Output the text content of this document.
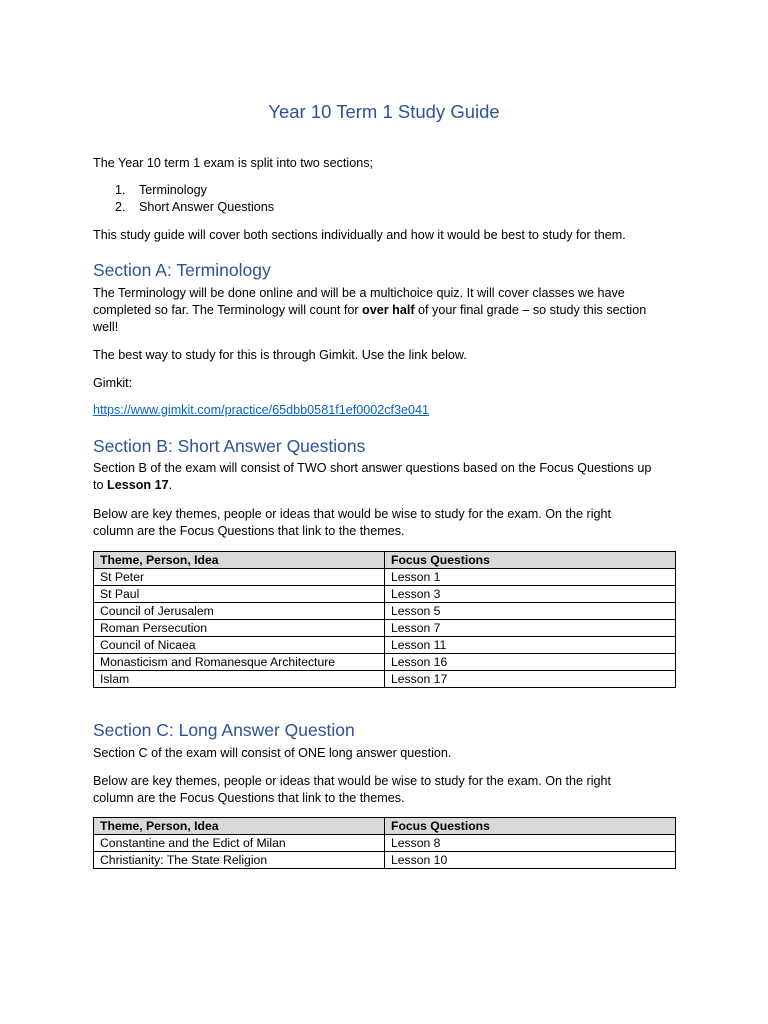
Year 10 Term 1 Study Guide
The Year 10 term 1 exam is split into two sections;
1. Terminology
2. Short Answer Questions
This study guide will cover both sections individually and how it would be best to study for them.
Section A: Terminology
The Terminology will be done online and will be a multichoice quiz. It will cover classes we have
completed so far. The Terminology will count for over half of your final grade – so study this section
well!
The best way to study for this is through Gimkit. Use the link below.
Gimkit:
https://www.gimkit.com/practice/65dbb0581f1ef0002cf3e041
Section B: Short Answer Questions
Section B of the exam will consist of TWO short answer questions based on the Focus Questions up
to Lesson 17.
Below are key themes, people or ideas that would be wise to study for the exam. On the right
column are the Focus Questions that link to the themes.
Theme, Person, Idea	Focus Questions
St Peter	Lesson 1
St Paul	Lesson 3
Council of Jerusalem	Lesson 5
Roman Persecution	Lesson 7
Council of Nicaea	Lesson 11
Monasticism and Romanesque Architecture	Lesson 16
Islam	Lesson 17
Section C: Long Answer Question
Section C of the exam will consist of ONE long answer question.
Below are key themes, people or ideas that would be wise to study for the exam. On the right
column are the Focus Questions that link to the themes.
Theme, Person, Idea	Focus Questions
Constantine and the Edict of Milan	Lesson 8
Christianity: The State Religion	Lesson 10
